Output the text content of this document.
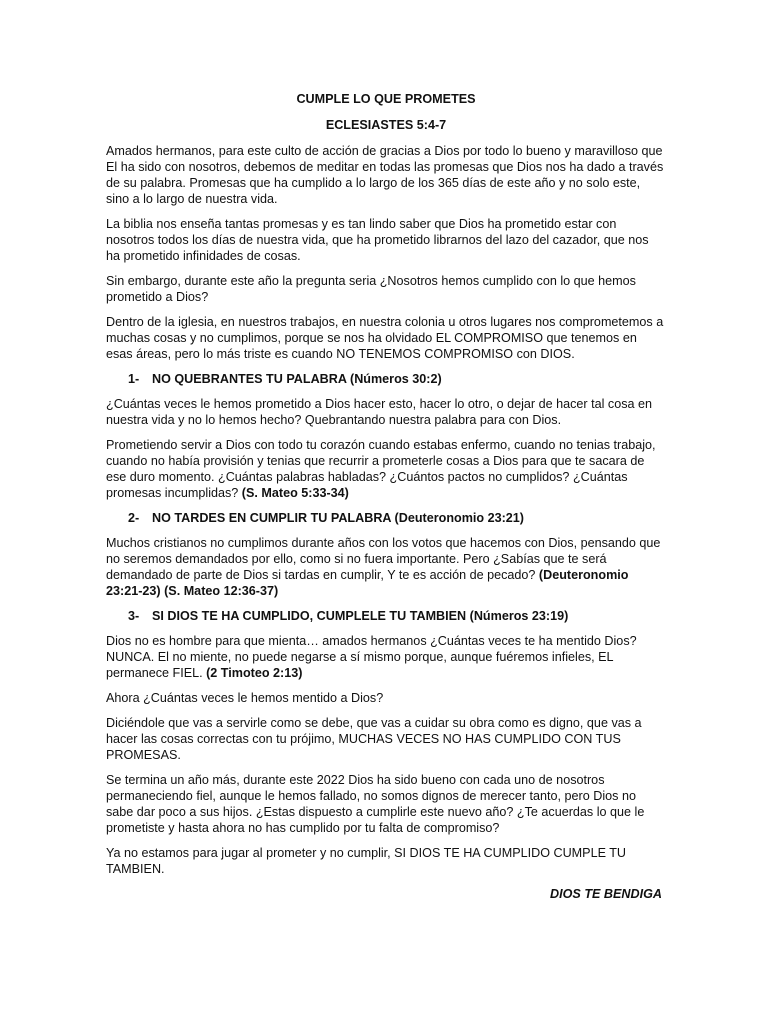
CUMPLE LO QUE PROMETES
ECLESIASTES 5:4-7

Amados hermanos, para este culto de acción de gracias a Dios por todo lo bueno y maravilloso que El ha sido con nosotros, debemos de meditar en todas las promesas que Dios nos ha dado a través de su palabra. Promesas que ha cumplido a lo largo de los 365 días de este año y no solo este, sino a lo largo de nuestra vida.

La biblia nos enseña tantas promesas y es tan lindo saber que Dios ha prometido estar con nosotros todos los días de nuestra vida, que ha prometido librarnos del lazo del cazador, que nos ha prometido infinidades de cosas.

Sin embargo, durante este año la pregunta seria ¿Nosotros hemos cumplido con lo que hemos prometido a Dios?

Dentro de la iglesia, en nuestros trabajos, en nuestra colonia u otros lugares nos comprometemos a muchas cosas y no cumplimos, porque se nos ha olvidado EL COMPROMISO que tenemos en esas áreas, pero lo más triste es cuando NO TENEMOS COMPROMISO con DIOS.

1- NO QUEBRANTES TU PALABRA (Números 30:2)

¿Cuántas veces le hemos prometido a Dios hacer esto, hacer lo otro, o dejar de hacer tal cosa en nuestra vida y no lo hemos hecho? Quebrantando nuestra palabra para con Dios.

Prometiendo servir a Dios con todo tu corazón cuando estabas enfermo, cuando no tenias trabajo, cuando no había provisión y tenias que recurrir a prometerle cosas a Dios para que te sacara de ese duro momento. ¿Cuántas palabras habladas? ¿Cuántos pactos no cumplidos? ¿Cuántas promesas incumplidas? (S. Mateo 5:33-34)

2- NO TARDES EN CUMPLIR TU PALABRA (Deuteronomio 23:21)

Muchos cristianos no cumplimos durante años con los votos que hacemos con Dios, pensando que no seremos demandados por ello, como si no fuera importante. Pero ¿Sabías que te será demandado de parte de Dios si tardas en cumplir, Y te es acción de pecado? (Deuteronomio 23:21-23) (S. Mateo 12:36-37)

3- SI DIOS TE HA CUMPLIDO, CUMPLELE TU TAMBIEN (Números 23:19)

Dios no es hombre para que mienta… amados hermanos ¿Cuántas veces te ha mentido Dios? NUNCA. El no miente, no puede negarse a sí mismo porque, aunque fuéremos infieles, EL permanece FIEL. (2 Timoteo 2:13)

Ahora ¿Cuántas veces le hemos mentido a Dios?

Diciéndole que vas a servirle como se debe, que vas a cuidar su obra como es digno, que vas a hacer las cosas correctas con tu prójimo, MUCHAS VECES NO HAS CUMPLIDO CON TUS PROMESAS.

Se termina un año más, durante este 2022 Dios ha sido bueno con cada uno de nosotros permaneciendo fiel, aunque le hemos fallado, no somos dignos de merecer tanto, pero Dios no sabe dar poco a sus hijos. ¿Estas dispuesto a cumplirle este nuevo año? ¿Te acuerdas lo que le prometiste y hasta ahora no has cumplido por tu falta de compromiso?

Ya no estamos para jugar al prometer y no cumplir, SI DIOS TE HA CUMPLIDO CUMPLE TU TAMBIEN.

DIOS TE BENDIGA
